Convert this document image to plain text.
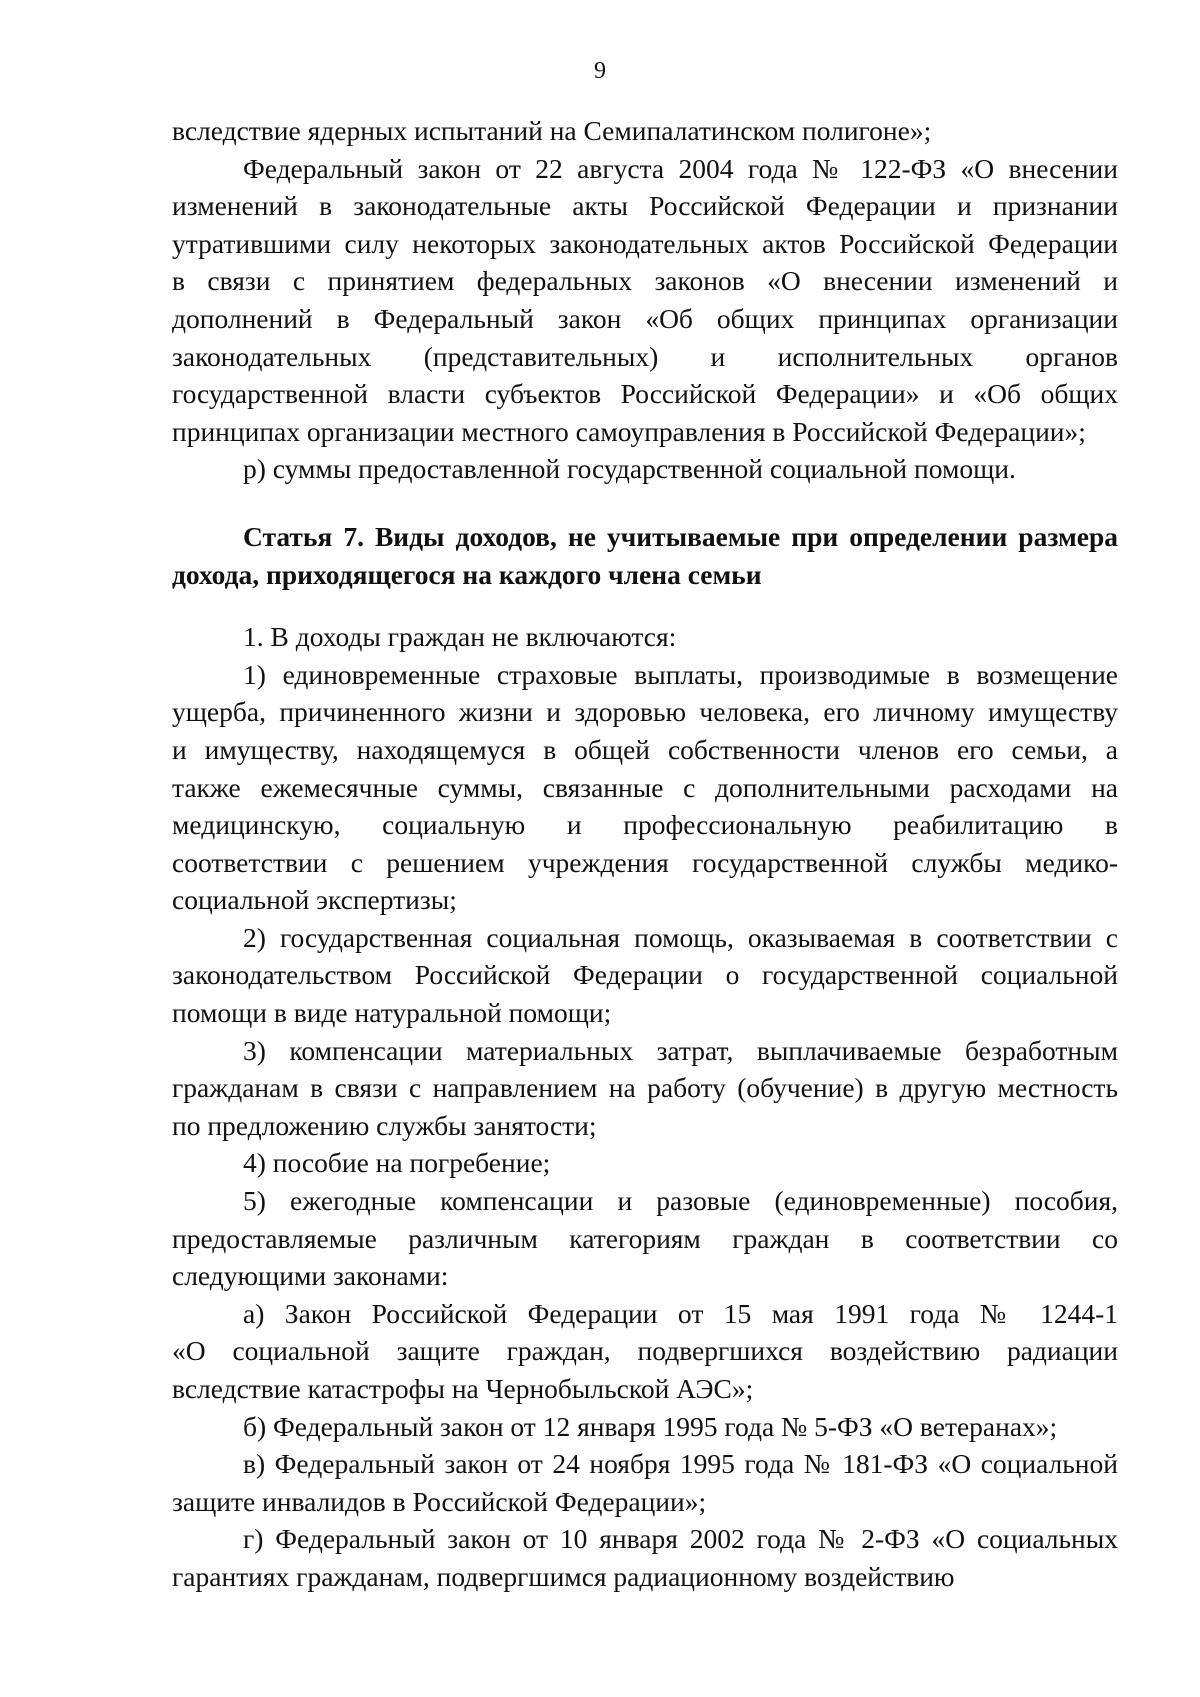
9
вследствие ядерных испытаний на Семипалатинском полигоне»;
Федеральный закон от 22 августа 2004 года № 122-ФЗ «О внесении
изменений в законодательные акты Российской Федерации и признании
утратившими силу некоторых законодательных актов Российской Федерации
в связи с принятием федеральных законов «О внесении изменений и
дополнений в Федеральный закон «Об общих принципах организации
законодательных (представительных) и исполнительных органов
государственной власти субъектов Российской Федерации» и «Об общих
принципах организации местного самоуправления в Российской Федерации»;
р) суммы предоставленной государственной социальной помощи.
Статья 7. Виды доходов, не учитываемые при определении размера
дохода, приходящегося на каждого члена семьи
1. В доходы граждан не включаются:
1) единовременные страховые выплаты, производимые в возмещение
ущерба, причиненного жизни и здоровью человека, его личному имуществу
и имуществу, находящемуся в общей собственности членов его семьи, а
также ежемесячные суммы, связанные с дополнительными расходами на
медицинскую, социальную и профессиональную реабилитацию в
соответствии с решением учреждения государственной службы медико-
социальной экспертизы;
2) государственная социальная помощь, оказываемая в соответствии с
законодательством Российской Федерации о государственной социальной
помощи в виде натуральной помощи;
3) компенсации материальных затрат, выплачиваемые безработным
гражданам в связи с направлением на работу (обучение) в другую местность
по предложению службы занятости;
4) пособие на погребение;
5) ежегодные компенсации и разовые (единовременные) пособия,
предоставляемые различным категориям граждан в соответствии со
следующими законами:
а) Закон Российской Федерации от 15 мая 1991 года № 1244-1
«О социальной защите граждан, подвергшихся воздействию радиации
вследствие катастрофы на Чернобыльской АЭС»;
б) Федеральный закон от 12 января 1995 года № 5-ФЗ «О ветеранах»;
в) Федеральный закон от 24 ноября 1995 года № 181-ФЗ «О социальной
защите инвалидов в Российской Федерации»;
г) Федеральный закон от 10 января 2002 года № 2-ФЗ «О социальных
гарантиях гражданам, подвергшимся радиационному воздействию
